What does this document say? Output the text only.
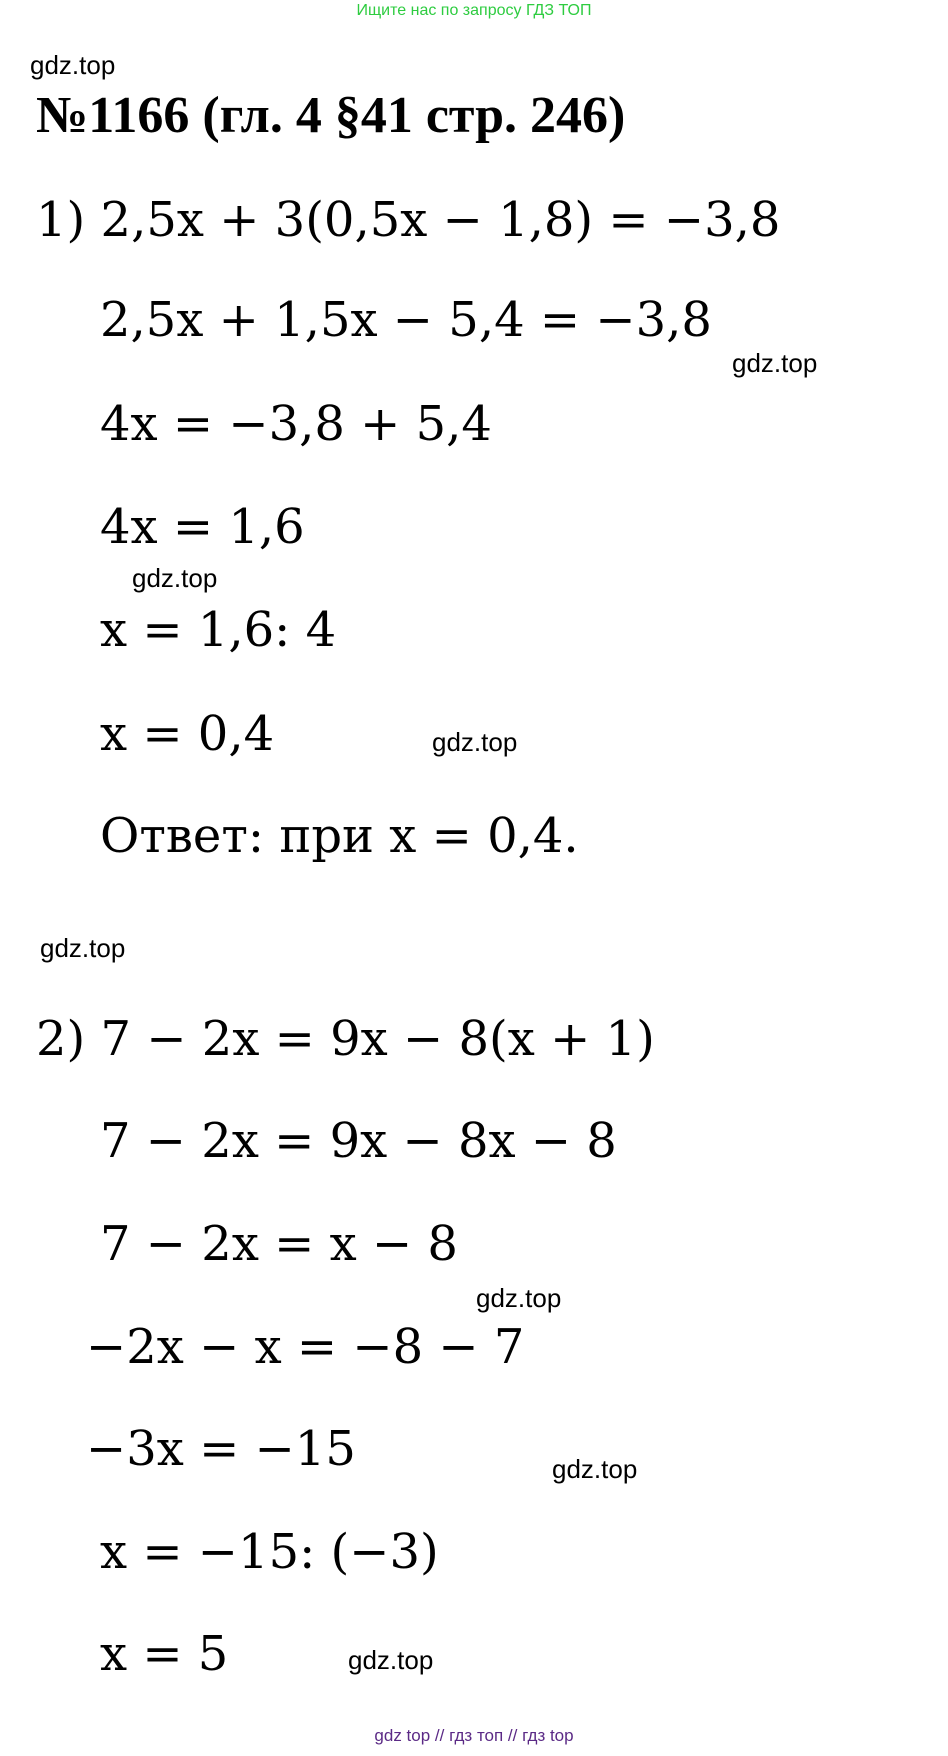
Ищите нас по запросу ГДЗ ТОП
gdz.top
№1166 (гл. 4 §41 стр. 246)
1) 2,5x + 3(0,5x − 1,8) = −3,8
2,5x + 1,5x − 5,4 = −3,8
gdz.top
4x = −3,8 + 5,4
4x = 1,6
gdz.top
x = 1,6: 4
x = 0,4	gdz.top
Ответ: при x = 0,4.
gdz.top
2) 7 − 2x = 9x − 8(x + 1)
7 − 2x = 9x − 8x − 8
7 − 2x = x − 8
gdz.top
−2x − x = −8 − 7
−3x = −15	gdz.top
x = −15: (−3)
x = 5	gdz.top
gdz top // гдз топ // гдз top
